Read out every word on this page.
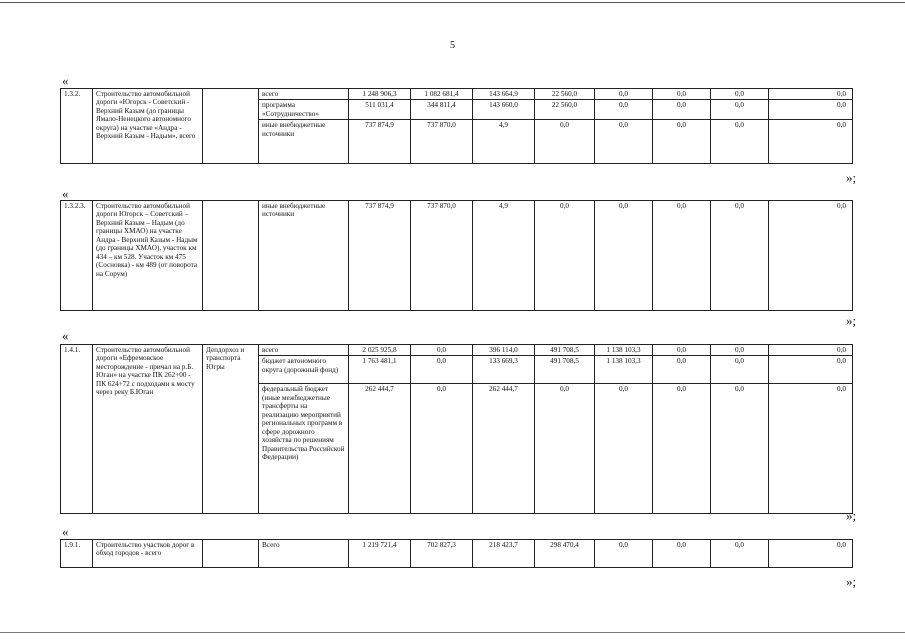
5
«
1.3.2.	Строительство автомобильной дороги «Югорск - Советский - Верхний Казым (до границы Ямало-Ненецкого автономного округа) на участке «Андра - Верхний Казым - Надым», всего		всего	1 248 906,3	1 082 681,4	143 664,9	22 560,0	0,0	0,0	0,0	0,0
			программа «Сотрудничество»	511 031,4	344 811,4	143 660,0	22 560,0	0,0	0,0	0,0	0,0
			иные внебюджетные источники	737 874,9	737 870,0	4,9	0,0	0,0	0,0	0,0	0,0
»;
«
1.3.2.3.	Строительство автомобильной дороги Югорск – Советский – Верхний Казым – Надым (до границы ХМАО) на участке Андра - Верхний Казым - Надым (до границы ХМАО), участок км 434 – км 528. Участок км 475 (Сосновка) - км 489 (от поворота на Сорум)		иные внебюджетные источники	737 874,9	737 870,0	4,9	0,0	0,0	0,0	0,0	0,0
»;
«
1.4.1.	Строительство автомобильной дороги «Ефремовское месторождение - причал на р.Б. Юган» на участке ПК 262+00 - ПК 624+72 с подходами к мосту через реку Б.Юган	Депдорхоз и транспорта Югры	всего	2 025 925,8	0,0	396 114,0	491 708,5	1 138 103,3	0,0	0,0	0,0
			бюджет автономного округа (дорожный фонд)	1 763 481,1	0,0	133 669,3	491 708,5	1 138 103,3	0,0	0,0	0,0
			федеральный бюджет (иные межбюджетные трансферты на реализацию мероприятий региональных программ в сфере дорожного хозяйства по решениям Правительства Российской Федерации)	262 444,7	0,0	262 444,7	0,0	0,0	0,0	0,0	0,0
»;
«
1.9.1.	Строительство участков дорог в обход городов - всего		Всего	1 219 721,4	702 827,3	218 423,7	298 470,4	0,0	0,0	0,0	0,0
»;
